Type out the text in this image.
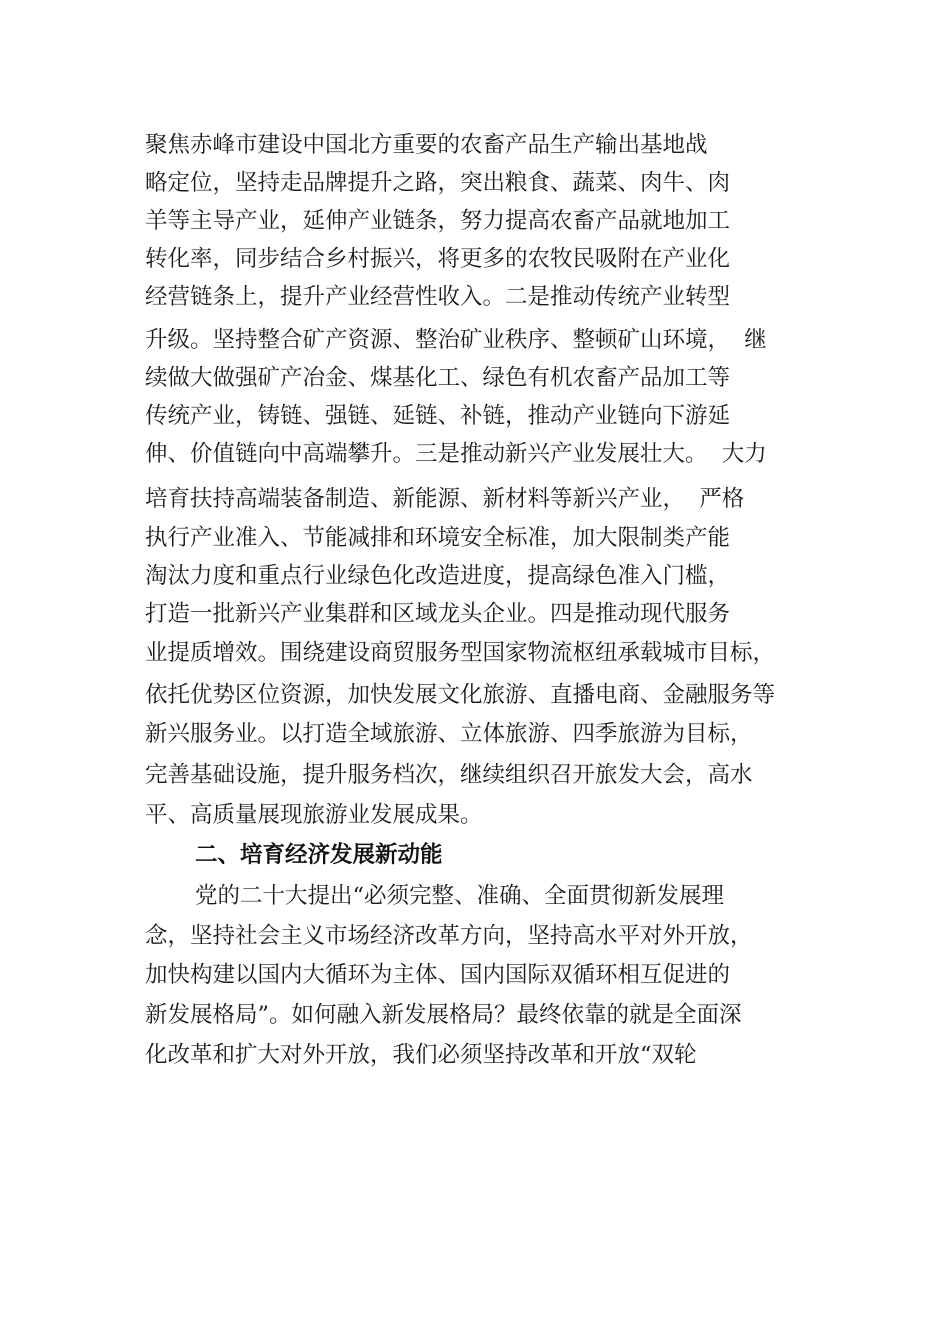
聚焦赤峰市建设中国北方重要的农畜产品生产输出基地战
略定位，坚持走品牌提升之路，突出粮食、蔬菜、肉牛、肉
羊等主导产业，延伸产业链条，努力提高农畜产品就地加工
转化率，同步结合乡村振兴，将更多的农牧民吸附在产业化
经营链条上，提升产业经营性收入。二是推动传统产业转型
升级。坚持整合矿产资源、整治矿业秩序、整顿矿山环境，  继
续做大做强矿产冶金、煤基化工、绿色有机农畜产品加工等
传统产业，铸链、强链、延链、补链，推动产业链向下游延
伸、价值链向中高端攀升。三是推动新兴产业发展壮大。  大力
培育扶持高端装备制造、新能源、新材料等新兴产业，  严格
执行产业准入、节能减排和环境安全标准，加大限制类产能
淘汰力度和重点行业绿色化改造进度，提高绿色准入门槛，
打造一批新兴产业集群和区域龙头企业。四是推动现代服务
业提质增效。围绕建设商贸服务型国家物流枢纽承载城市目标，
依托优势区位资源，加快发展文化旅游、直播电商、金融服务等
新兴服务业。以打造全域旅游、立体旅游、四季旅游为目标，
完善基础设施，提升服务档次，继续组织召开旅发大会，高水
平、高质量展现旅游业发展成果。
二、培育经济发展新动能
党的二十大提出“必须完整、准确、全面贯彻新发展理
念，坚持社会主义市场经济改革方向，坚持高水平对外开放，
加快构建以国内大循环为主体、国内国际双循环相互促进的
新发展格局”。如何融入新发展格局？最终依靠的就是全面深
化改革和扩大对外开放，我们必须坚持改革和开放“双轮
